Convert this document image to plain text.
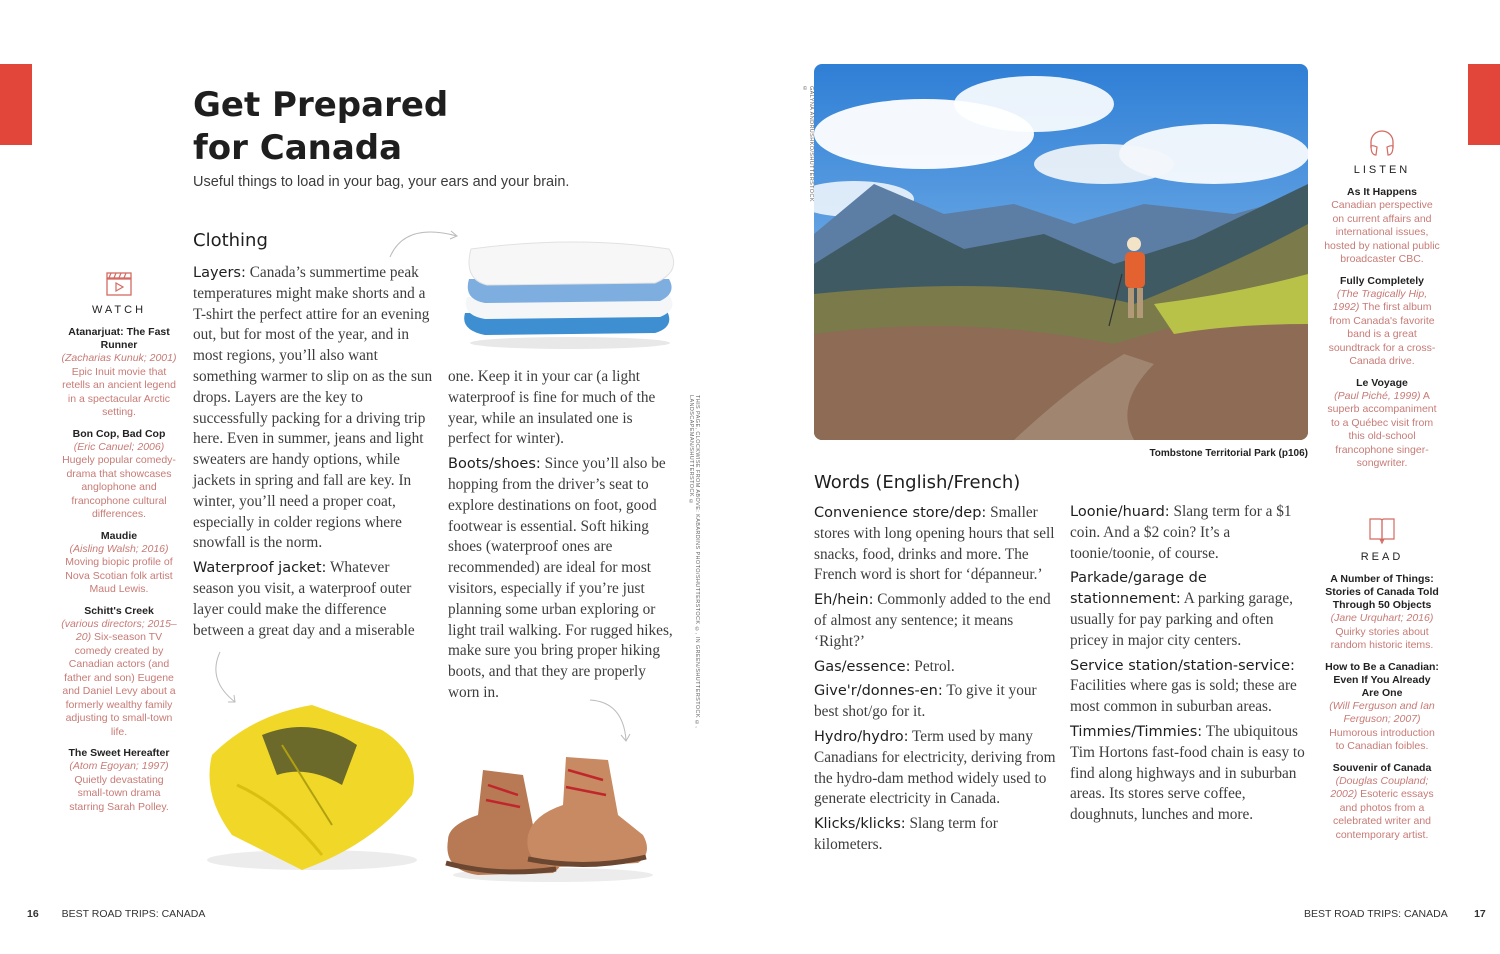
Get Prepared
for Canada
Useful things to load in your bag, your ears and your brain.
WATCH
Atanarjuat: The Fast Runner
(Zacharias Kunuk; 2001) Epic Inuit movie that retells an ancient legend in a spectacular Arctic setting.
Bon Cop, Bad Cop
(Eric Canuel; 2006) Hugely popular comedy-drama that showcases anglophone and francophone cultural differences.
Maudie
(Aisling Walsh; 2016) Moving biopic profile of Nova Scotian folk artist Maud Lewis.
Schitt's Creek
(various directors; 2015–20) Six-season TV comedy created by Canadian actors (and father and son) Eugene and Daniel Levy about a formerly wealthy family adjusting to small-town life.
The Sweet Hereafter
(Atom Egoyan; 1997) Quietly devastating small-town drama starring Sarah Polley.
Clothing

Layers: Canada’s summertime peak temperatures might make shorts and a T-shirt the perfect attire for an evening out, but for most of the year, and in most regions, you’ll also want something warmer to slip on as the sun drops. Layers are the key to successfully packing for a driving trip here. Even in summer, jeans and light sweaters are handy options, while jackets in spring and fall are key. In winter, you’ll need a proper coat, especially in colder regions where snowfall is the norm.

Waterproof jacket: Whatever season you visit, a waterproof outer layer could make the difference between a great day and a miserable

one. Keep it in your car (a light waterproof is fine for much of the year, while an insulated one is perfect for winter).

Boots/shoes: Since you’ll also be hopping from the driver’s seat to explore destinations on foot, good footwear is essential. Soft hiking shoes (waterproof ones are recommended) are ideal for most visitors, especially if you’re just planning some urban exploring or light trail walking. For rugged hikes, make sure you bring proper hiking boots, and that they are properly worn in.	THIS PAGE, CLOCKWISE FROM ABOVE: KABARDINS PHOTO/SHUTTERSTOCK ©, IN GREEN/SHUTTERSTOCK ©, LANDSCAPEMAN/SHUTTERSTOCK ©
GALYNA ANDRUSHKO/SHUTTERSTOCK ©
Tombstone Territorial Park (p106)
Words (English/French)

Convenience store/dep: Smaller stores with long opening hours that sell snacks, food, drinks and more. The French word is short for ‘dépanneur.’

Eh/hein: Commonly added to the end of almost any sentence; it means ‘Right?’

Gas/essence: Petrol.

Give'r/donnes-en: To give it your best shot/go for it.

Hydro/hydro: Term used by many Canadians for electricity, deriving from the hydro-dam method widely used to generate electricity in Canada.

Klicks/klicks: Slang term for kilometers.

Loonie/huard: Slang term for a $1 coin. And a $2 coin? It’s a toonie/toonie, of course.

Parkade/garage de stationnement: A parking garage, usually for pay parking and often pricey in major city centers.

Service station/station-service: Facilities where gas is sold; these are most common in suburban areas.

Timmies/Timmies: The ubiquitous Tim Hortons fast-food chain is easy to find along highways and in suburban areas. Its stores serve coffee, doughnuts, lunches and more.

LISTEN
As It Happens
Canadian perspective on current affairs and international issues, hosted by national public broadcaster CBC.
Fully Completely
(The Tragically Hip, 1992) The first album from Canada's favorite band is a great soundtrack for a cross-Canada drive.
Le Voyage
(Paul Piché, 1999) A superb accompaniment to a Québec visit from this old-school francophone singer-songwriter.
READ
A Number of Things: Stories of Canada Told Through 50 Objects
(Jane Urquhart; 2016) Quirky stories about random historic items.
How to Be a Canadian: Even If You Already Are One
(Will Ferguson and Ian Ferguson; 2007) Humorous introduction to Canadian foibles.
Souvenir of Canada
(Douglas Coupland; 2002) Esoteric essays and photos from a celebrated writer and contemporary artist.
16 BEST ROAD TRIPS: CANADA	BEST ROAD TRIPS: CANADA	17
